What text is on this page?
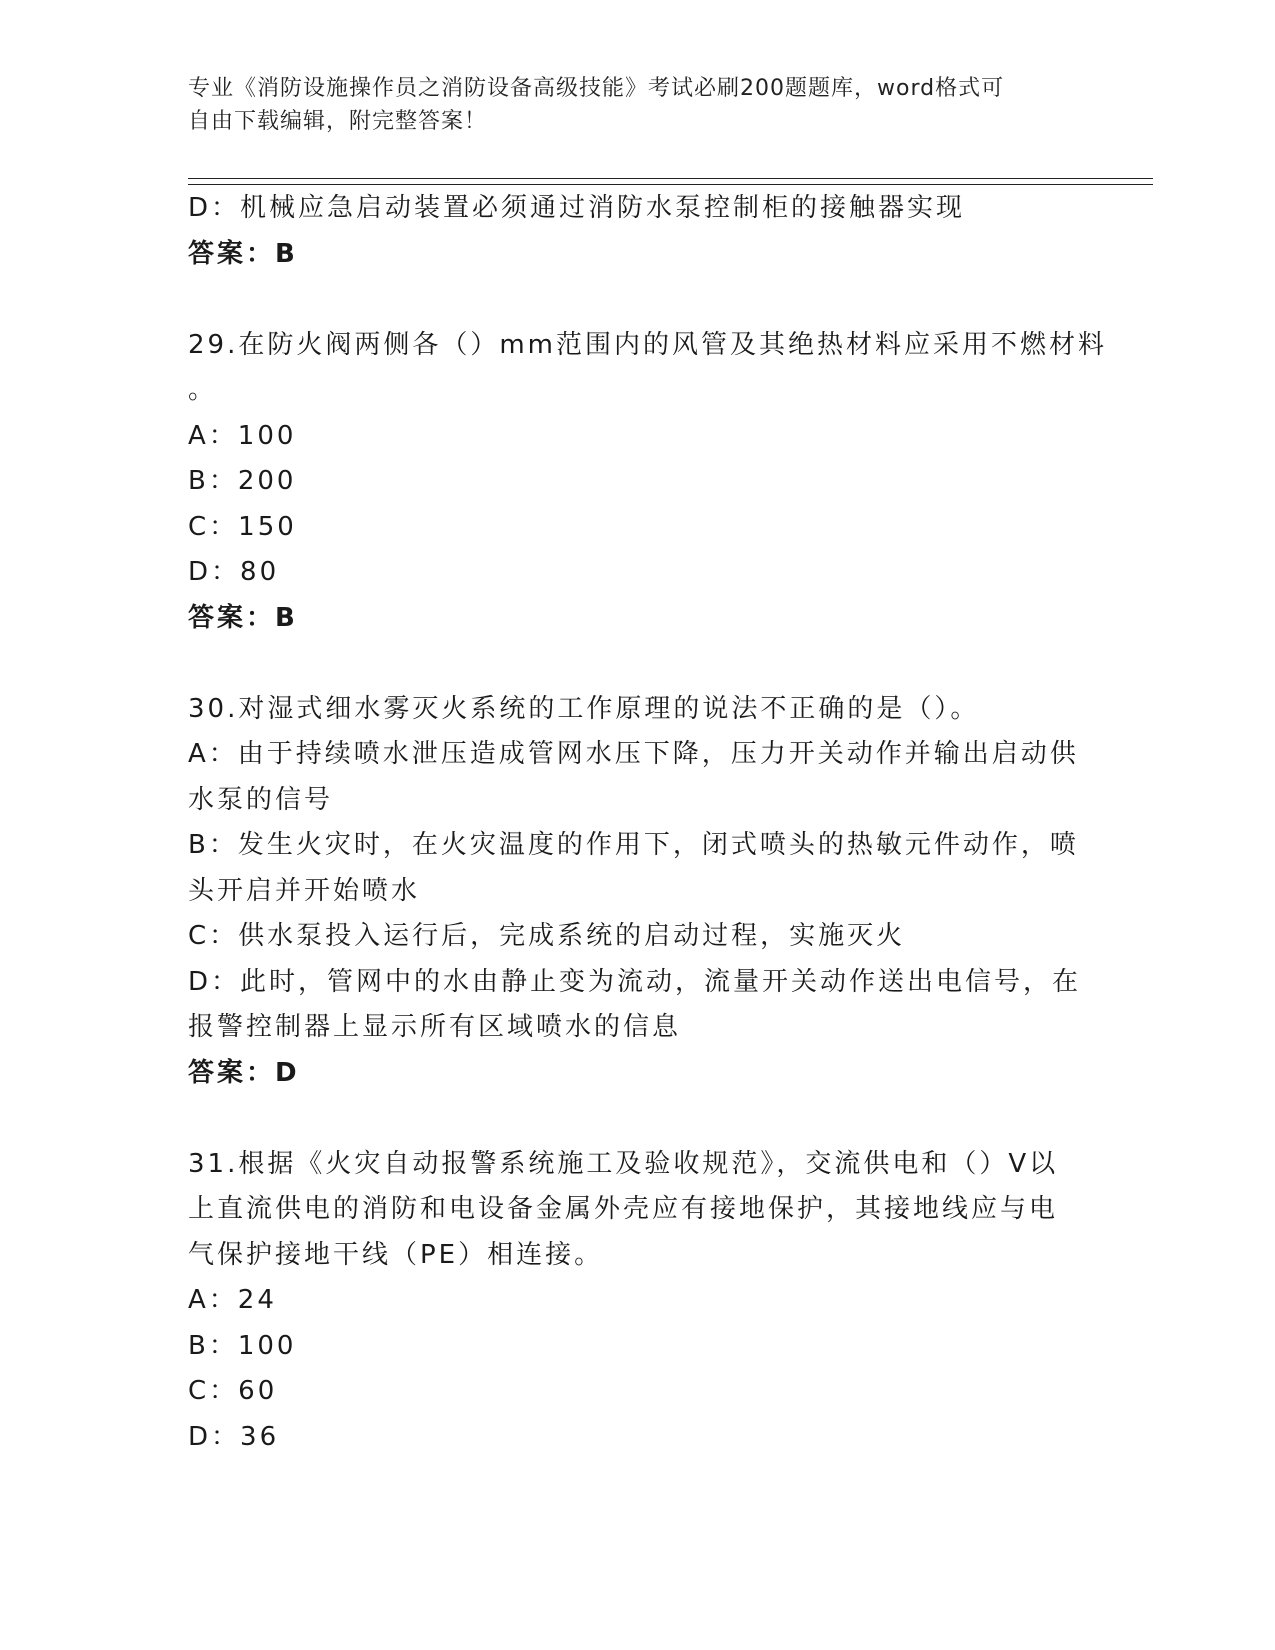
专业《消防设施操作员之消防设备高级技能》考试必刷200题题库，word格式可
自由下载编辑，附完整答案！
D：机械应急启动装置必须通过消防水泵控制柜的接触器实现
答案：B
29.在防火阀两侧各（）mm范围内的风管及其绝热材料应采用不燃材料
。
A：100
B：200
C：150
D：80
答案：B
30.对湿式细水雾灭火系统的工作原理的说法不正确的是（）。
A：由于持续喷水泄压造成管网水压下降，压力开关动作并输出启动供
水泵的信号
B：发生火灾时，在火灾温度的作用下，闭式喷头的热敏元件动作，喷
头开启并开始喷水
C：供水泵投入运行后，完成系统的启动过程，实施灭火
D：此时，管网中的水由静止变为流动，流量开关动作送出电信号，在
报警控制器上显示所有区域喷水的信息
答案：D
31.根据《火灾自动报警系统施工及验收规范》，交流供电和（）V以
上直流供电的消防和电设备金属外壳应有接地保护，其接地线应与电
气保护接地干线（PE）相连接。
A：24
B：100
C：60
D：36
